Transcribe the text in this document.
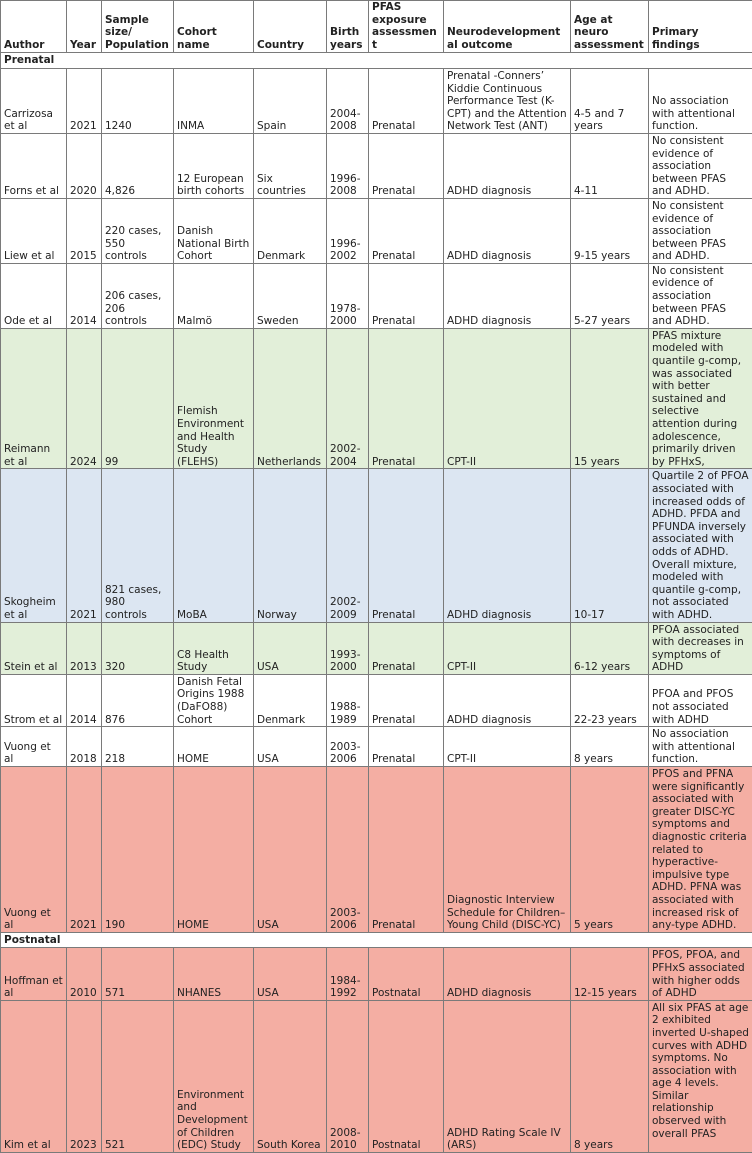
Author	Year	Sample size/ Population	Cohort name	Country	Birth years	PFAS exposure assessment	Neurodevelopmental outcome	Age at neuro assessment	Primary findings
Prenatal									
Carrizosa et al	2021	1240	INMA	Spain	2004-2008	Prenatal	Prenatal -Conners’ Kiddie Continuous Performance Test (K-CPT) and the Attention Network Test (ANT)	4-5 and 7 years	No association with attentional function.
Forns et al	2020	4,826	12 European birth cohorts	Six countries	1996-2008	Prenatal	ADHD diagnosis	4-11	No consistent evidence of association between PFAS and ADHD.
Liew et al	2015	220 cases, 550 controls	Danish National Birth Cohort	Denmark	1996-2002	Prenatal	ADHD diagnosis	9-15 years	No consistent evidence of association between PFAS and ADHD.
Ode et al	2014	206 cases, 206 controls	Malmö	Sweden	1978-2000	Prenatal	ADHD diagnosis	5-27 years	No consistent evidence of association between PFAS and ADHD.
Reimann et al	2024	99	Flemish Environment and Health Study (FLEHS)	Netherlands	2002-2004	Prenatal	CPT-II	15 years	PFAS mixture modeled with quantile g-comp, was associated with better sustained and selective attention during adolescence, primarily driven by PFHxS,
Skogheim et al	2021	821 cases, 980 controls	MoBA	Norway	2002-2009	Prenatal	ADHD diagnosis	10-17	Quartile 2 of PFOA associated with increased odds of ADHD. PFDA and PFUNDA inversely associated with odds of ADHD. Overall mixture, modeled with quantile g-comp, not associated with ADHD.
Stein et al	2013	320	C8 Health Study	USA	1993-2000	Prenatal	CPT-II	6-12 years	PFOA associated with decreases in symptoms of ADHD
Strom et al	2014	876	Danish Fetal Origins 1988 (DaFO88) Cohort	Denmark	1988-1989	Prenatal	ADHD diagnosis	22-23 years	PFOA and PFOS not associated with ADHD
Vuong et al	2018	218	HOME	USA	2003-2006	Prenatal	CPT-II	8 years	No association with attentional function.
Vuong et al	2021	190	HOME	USA	2003-2006	Prenatal	Diagnostic Interview Schedule for Children–Young Child (DISC-YC)	5 years	PFOS and PFNA were significantly associated with greater DISC-YC symptoms and diagnostic criteria related to hyperactive-impulsive type ADHD. PFNA was associated with increased risk of any-type ADHD.
Postnatal									
Hoffman et al	2010	571	NHANES	USA	1984-1992	Postnatal	ADHD diagnosis	12-15 years	PFOS, PFOA, and PFHxS associated with higher odds of ADHD
Kim et al	2023	521	Environment and Development of Children (EDC) Study	South Korea	2008-2010	Postnatal	ADHD Rating Scale IV (ARS)	8 years	All six PFAS at age 2 exhibited inverted U-shaped curves with ADHD symptoms. No association with age 4 levels. Similar relationship observed with overall PFAS
